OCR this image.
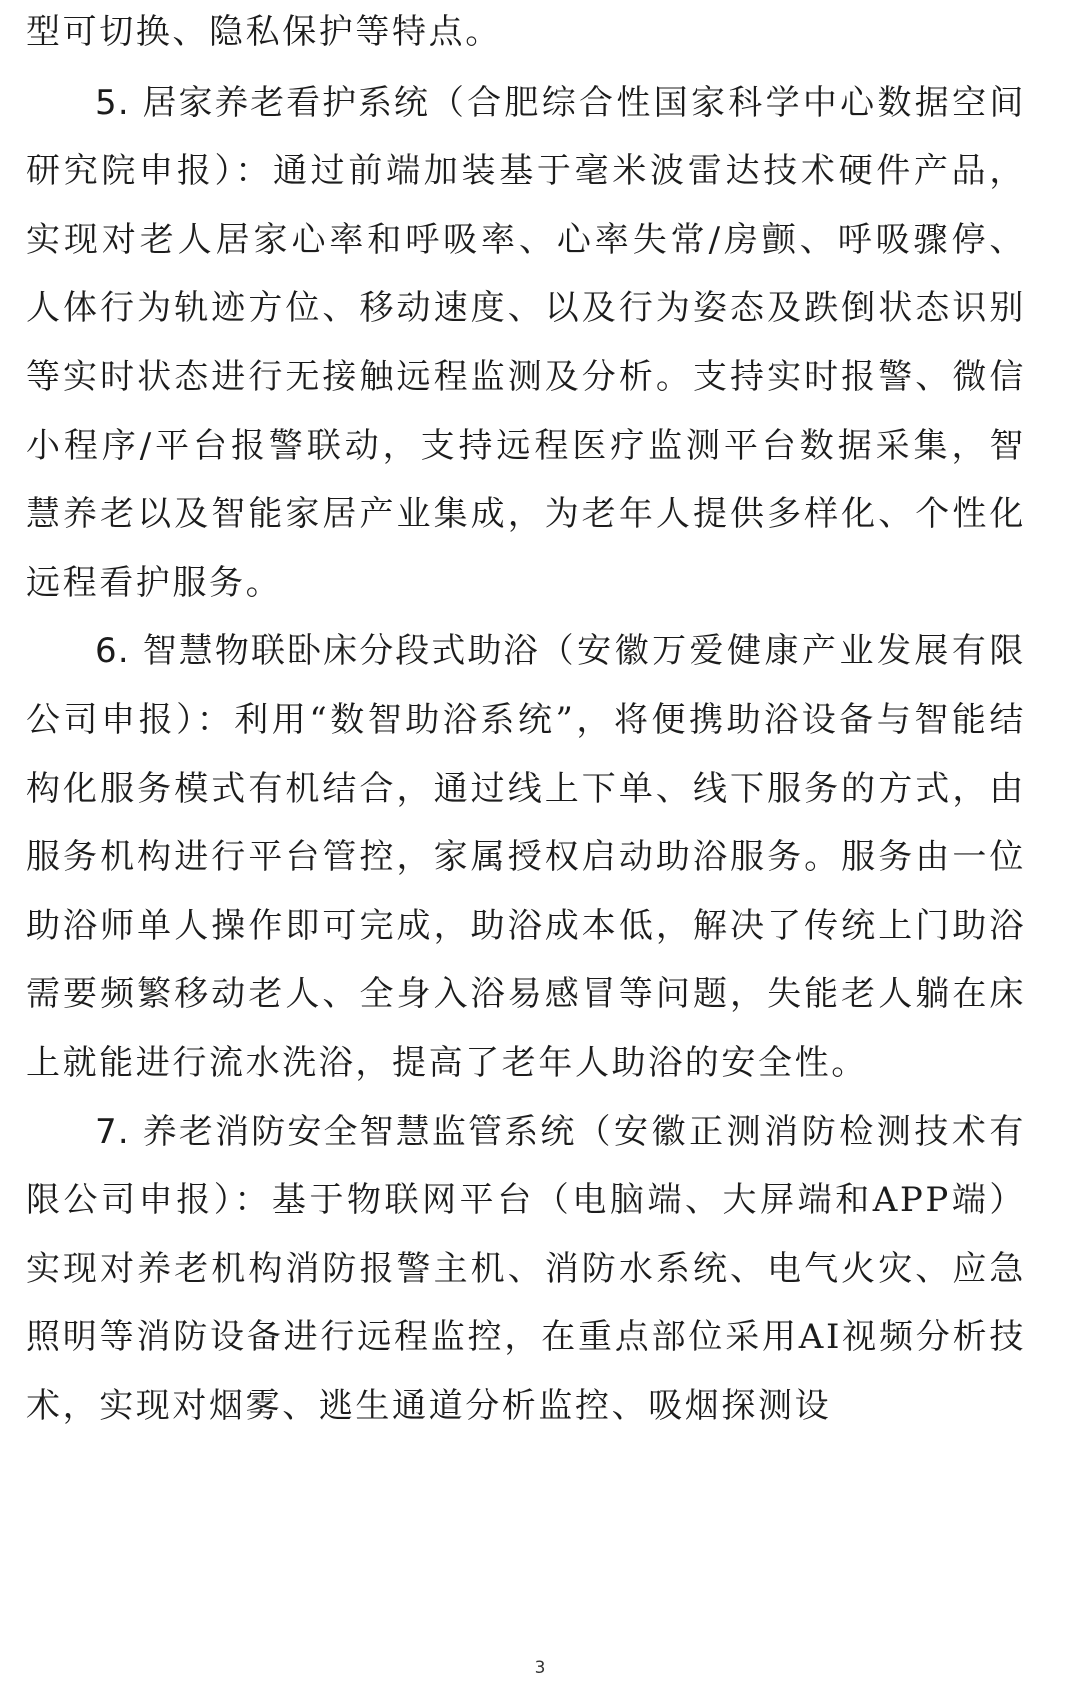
型可切换、隐私保护等特点。

5. 居家养老看护系统（合肥综合性国家科学中心数据空间研究院申报）：通过前端加装基于毫米波雷达技术硬件产品，实现对老人居家心率和呼吸率、心率失常/房颤、呼吸骤停、人体行为轨迹方位、移动速度、以及行为姿态及跌倒状态识别等实时状态进行无接触远程监测及分析。支持实时报警、微信小程序/平台报警联动，支持远程医疗监测平台数据采集，智慧养老以及智能家居产业集成，为老年人提供多样化、个性化远程看护服务。

6. 智慧物联卧床分段式助浴（安徽万爱健康产业发展有限公司申报）：利用“数智助浴系统”，将便携助浴设备与智能结构化服务模式有机结合，通过线上下单、线下服务的方式，由服务机构进行平台管控，家属授权启动助浴服务。服务由一位助浴师单人操作即可完成，助浴成本低，解决了传统上门助浴需要频繁移动老人、全身入浴易感冒等问题，失能老人躺在床上就能进行流水洗浴，提高了老年人助浴的安全性。

7. 养老消防安全智慧监管系统（安徽正测消防检测技术有限公司申报）：基于物联网平台（电脑端、大屏端和APP端）实现对养老机构消防报警主机、消防水系统、电气火灾、应急照明等消防设备进行远程监控，在重点部位采用AI视频分析技术，实现对烟雾、逃生通道分析监控、吸烟探测设

3
